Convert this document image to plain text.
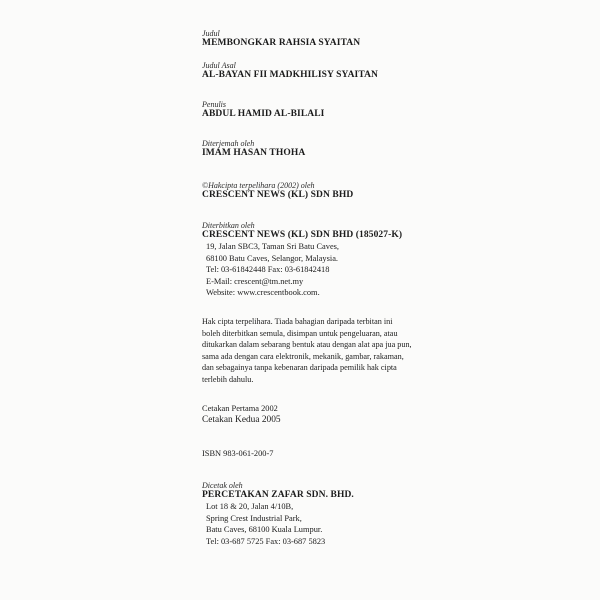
Judul
MEMBONGKAR RAHSIA SYAITAN
Judul Asal
AL-BAYAN FII MADKHILISY SYAITAN
Penulis
ABDUL HAMID AL-BILALI
Diterjemah oleh
IMAM HASAN THOHA
©Hakcipta terpelihara (2002) oleh
CRESCENT NEWS (KL) SDN BHD
Diterbitkan oleh
CRESCENT NEWS (KL) SDN BHD (185027-K)
19, Jalan SBC3, Taman Sri Batu Caves,
68100 Batu Caves, Selangor, Malaysia.
Tel: 03-61842448 Fax: 03-61842418
E-Mail: crescent@tm.net.my
Website: www.crescentbook.com.
Hak cipta terpelihara. Tiada bahagian daripada terbitan ini
boleh diterbitkan semula, disimpan untuk pengeluaran, atau
ditukarkan dalam sebarang bentuk atau dengan alat apa jua pun,
sama ada dengan cara elektronik, mekanik, gambar, rakaman,
dan sebagainya tanpa kebenaran daripada pemilik hak cipta
terlebih dahulu.
Cetakan Pertama 2002
Cetakan Kedua 2005
ISBN 983-061-200-7
Dicetak oleh
PERCETAKAN ZAFAR SDN. BHD.
Lot 18 & 20, Jalan 4/10B,
Spring Crest Industrial Park,
Batu Caves, 68100 Kuala Lumpur.
Tel: 03-687 5725 Fax: 03-687 5823
